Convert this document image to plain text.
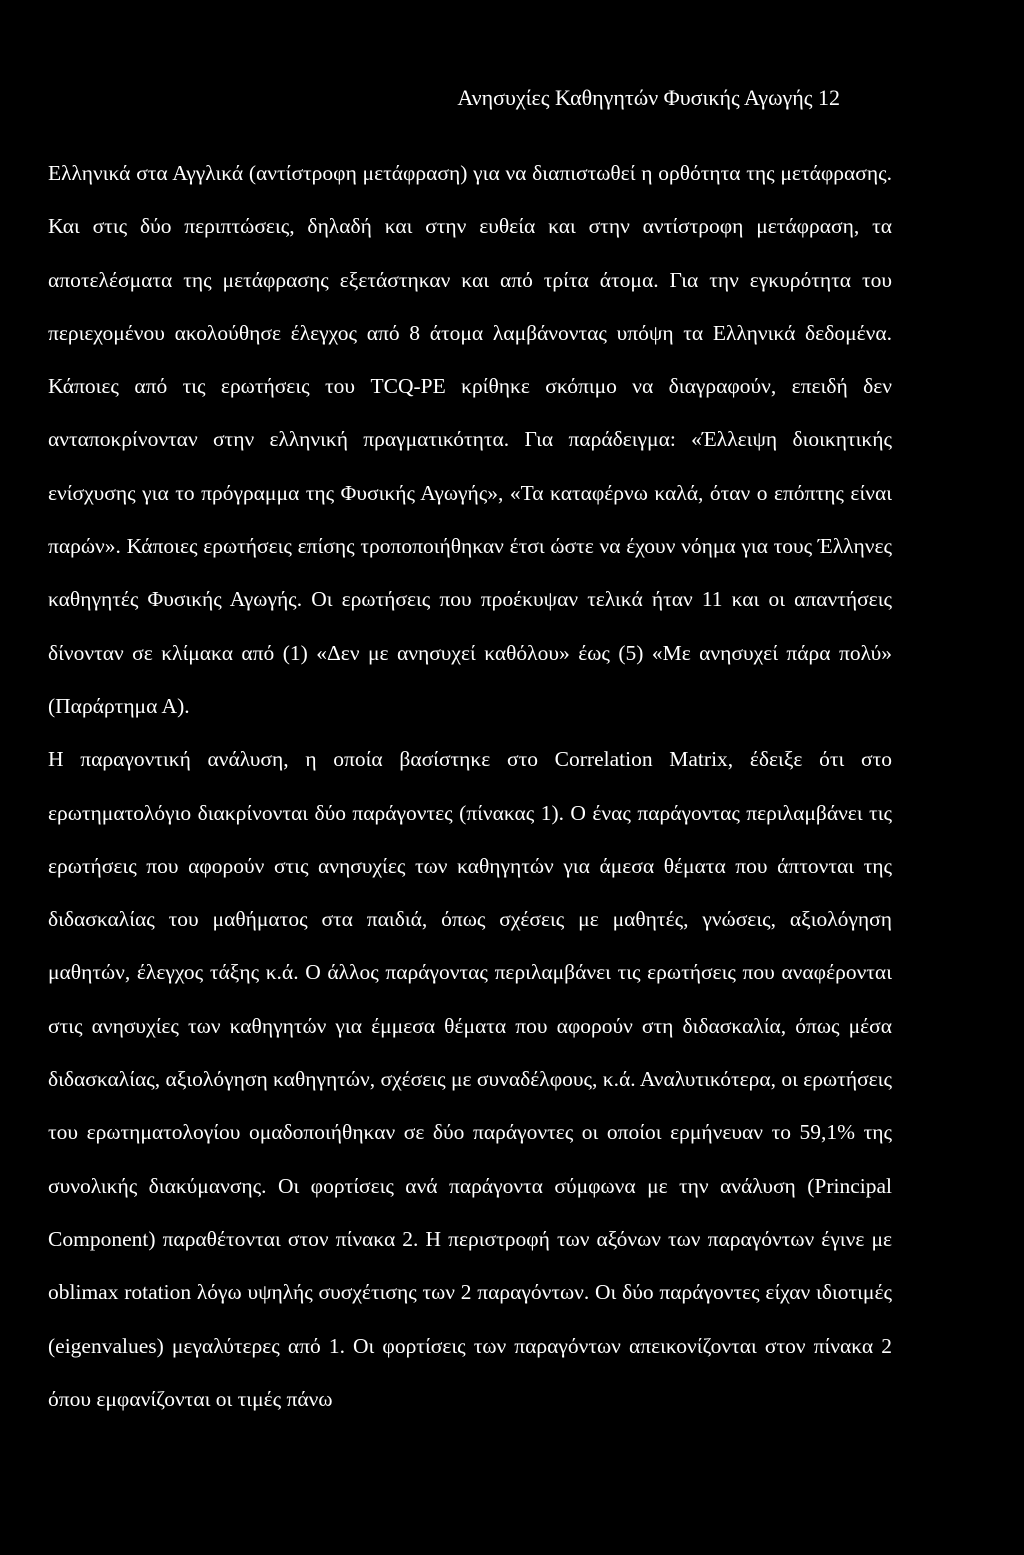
Ανησυχίες Καθηγητών Φυσικής Αγωγής 12

Ελληνικά στα Αγγλικά (αντίστροφη μετάφραση) για να διαπιστωθεί η ορθότητα της μετάφρασης. Και στις δύο περιπτώσεις, δηλαδή και στην ευθεία και στην αντίστροφη μετάφραση, τα αποτελέσματα της μετάφρασης εξετάστηκαν και από τρίτα άτομα. Για την εγκυρότητα του περιεχομένου ακολούθησε έλεγχος από 8 άτομα λαμβάνοντας υπόψη τα Ελληνικά δεδομένα. Κάποιες από τις ερωτήσεις του TCQ-PE κρίθηκε σκόπιμο να διαγραφούν, επειδή δεν ανταποκρίνονταν στην ελληνική πραγματικότητα. Για παράδειγμα: «Έλλειψη διοικητικής ενίσχυσης για το πρόγραμμα της Φυσικής Αγωγής», «Τα καταφέρνω καλά, όταν ο επόπτης είναι παρών». Κάποιες ερωτήσεις επίσης τροποποιήθηκαν έτσι ώστε να έχουν νόημα για τους Έλληνες καθηγητές Φυσικής Αγωγής. Οι ερωτήσεις που προέκυψαν τελικά ήταν 11 και οι απαντήσεις δίνονταν σε κλίμακα από (1) «Δεν με ανησυχεί καθόλου» έως (5) «Με ανησυχεί πάρα πολύ» (Παράρτημα Α).

Η παραγοντική ανάλυση, η οποία βασίστηκε στο Correlation Matrix, έδειξε ότι στο ερωτηματολόγιο διακρίνονται δύο παράγοντες (πίνακας 1). Ο ένας παράγοντας περιλαμβάνει τις ερωτήσεις που αφορούν στις ανησυχίες των καθηγητών για άμεσα θέματα που άπτονται της διδασκαλίας του μαθήματος στα παιδιά, όπως σχέσεις με μαθητές, γνώσεις, αξιολόγηση μαθητών, έλεγχος τάξης κ.ά. Ο άλλος παράγοντας περιλαμβάνει τις ερωτήσεις που αναφέρονται στις ανησυχίες των καθηγητών για έμμεσα θέματα που αφορούν στη διδασκαλία, όπως μέσα διδασκαλίας, αξιολόγηση καθηγητών, σχέσεις με συναδέλφους, κ.ά. Αναλυτικότερα, οι ερωτήσεις του ερωτηματολογίου ομαδοποιήθηκαν σε δύο παράγοντες οι οποίοι ερμήνευαν το 59,1% της συνολικής διακύμανσης. Οι φορτίσεις ανά παράγοντα σύμφωνα με την ανάλυση (Principal Component) παραθέτονται στον πίνακα 2. Η περιστροφή των αξόνων των παραγόντων έγινε με oblimax rotation λόγω υψηλής συσχέτισης των 2 παραγόντων. Οι δύο παράγοντες είχαν ιδιοτιμές (eigenvalues) μεγαλύτερες από 1. Οι φορτίσεις των παραγόντων απεικονίζονται στον πίνακα 2 όπου εμφανίζονται οι τιμές πάνω
